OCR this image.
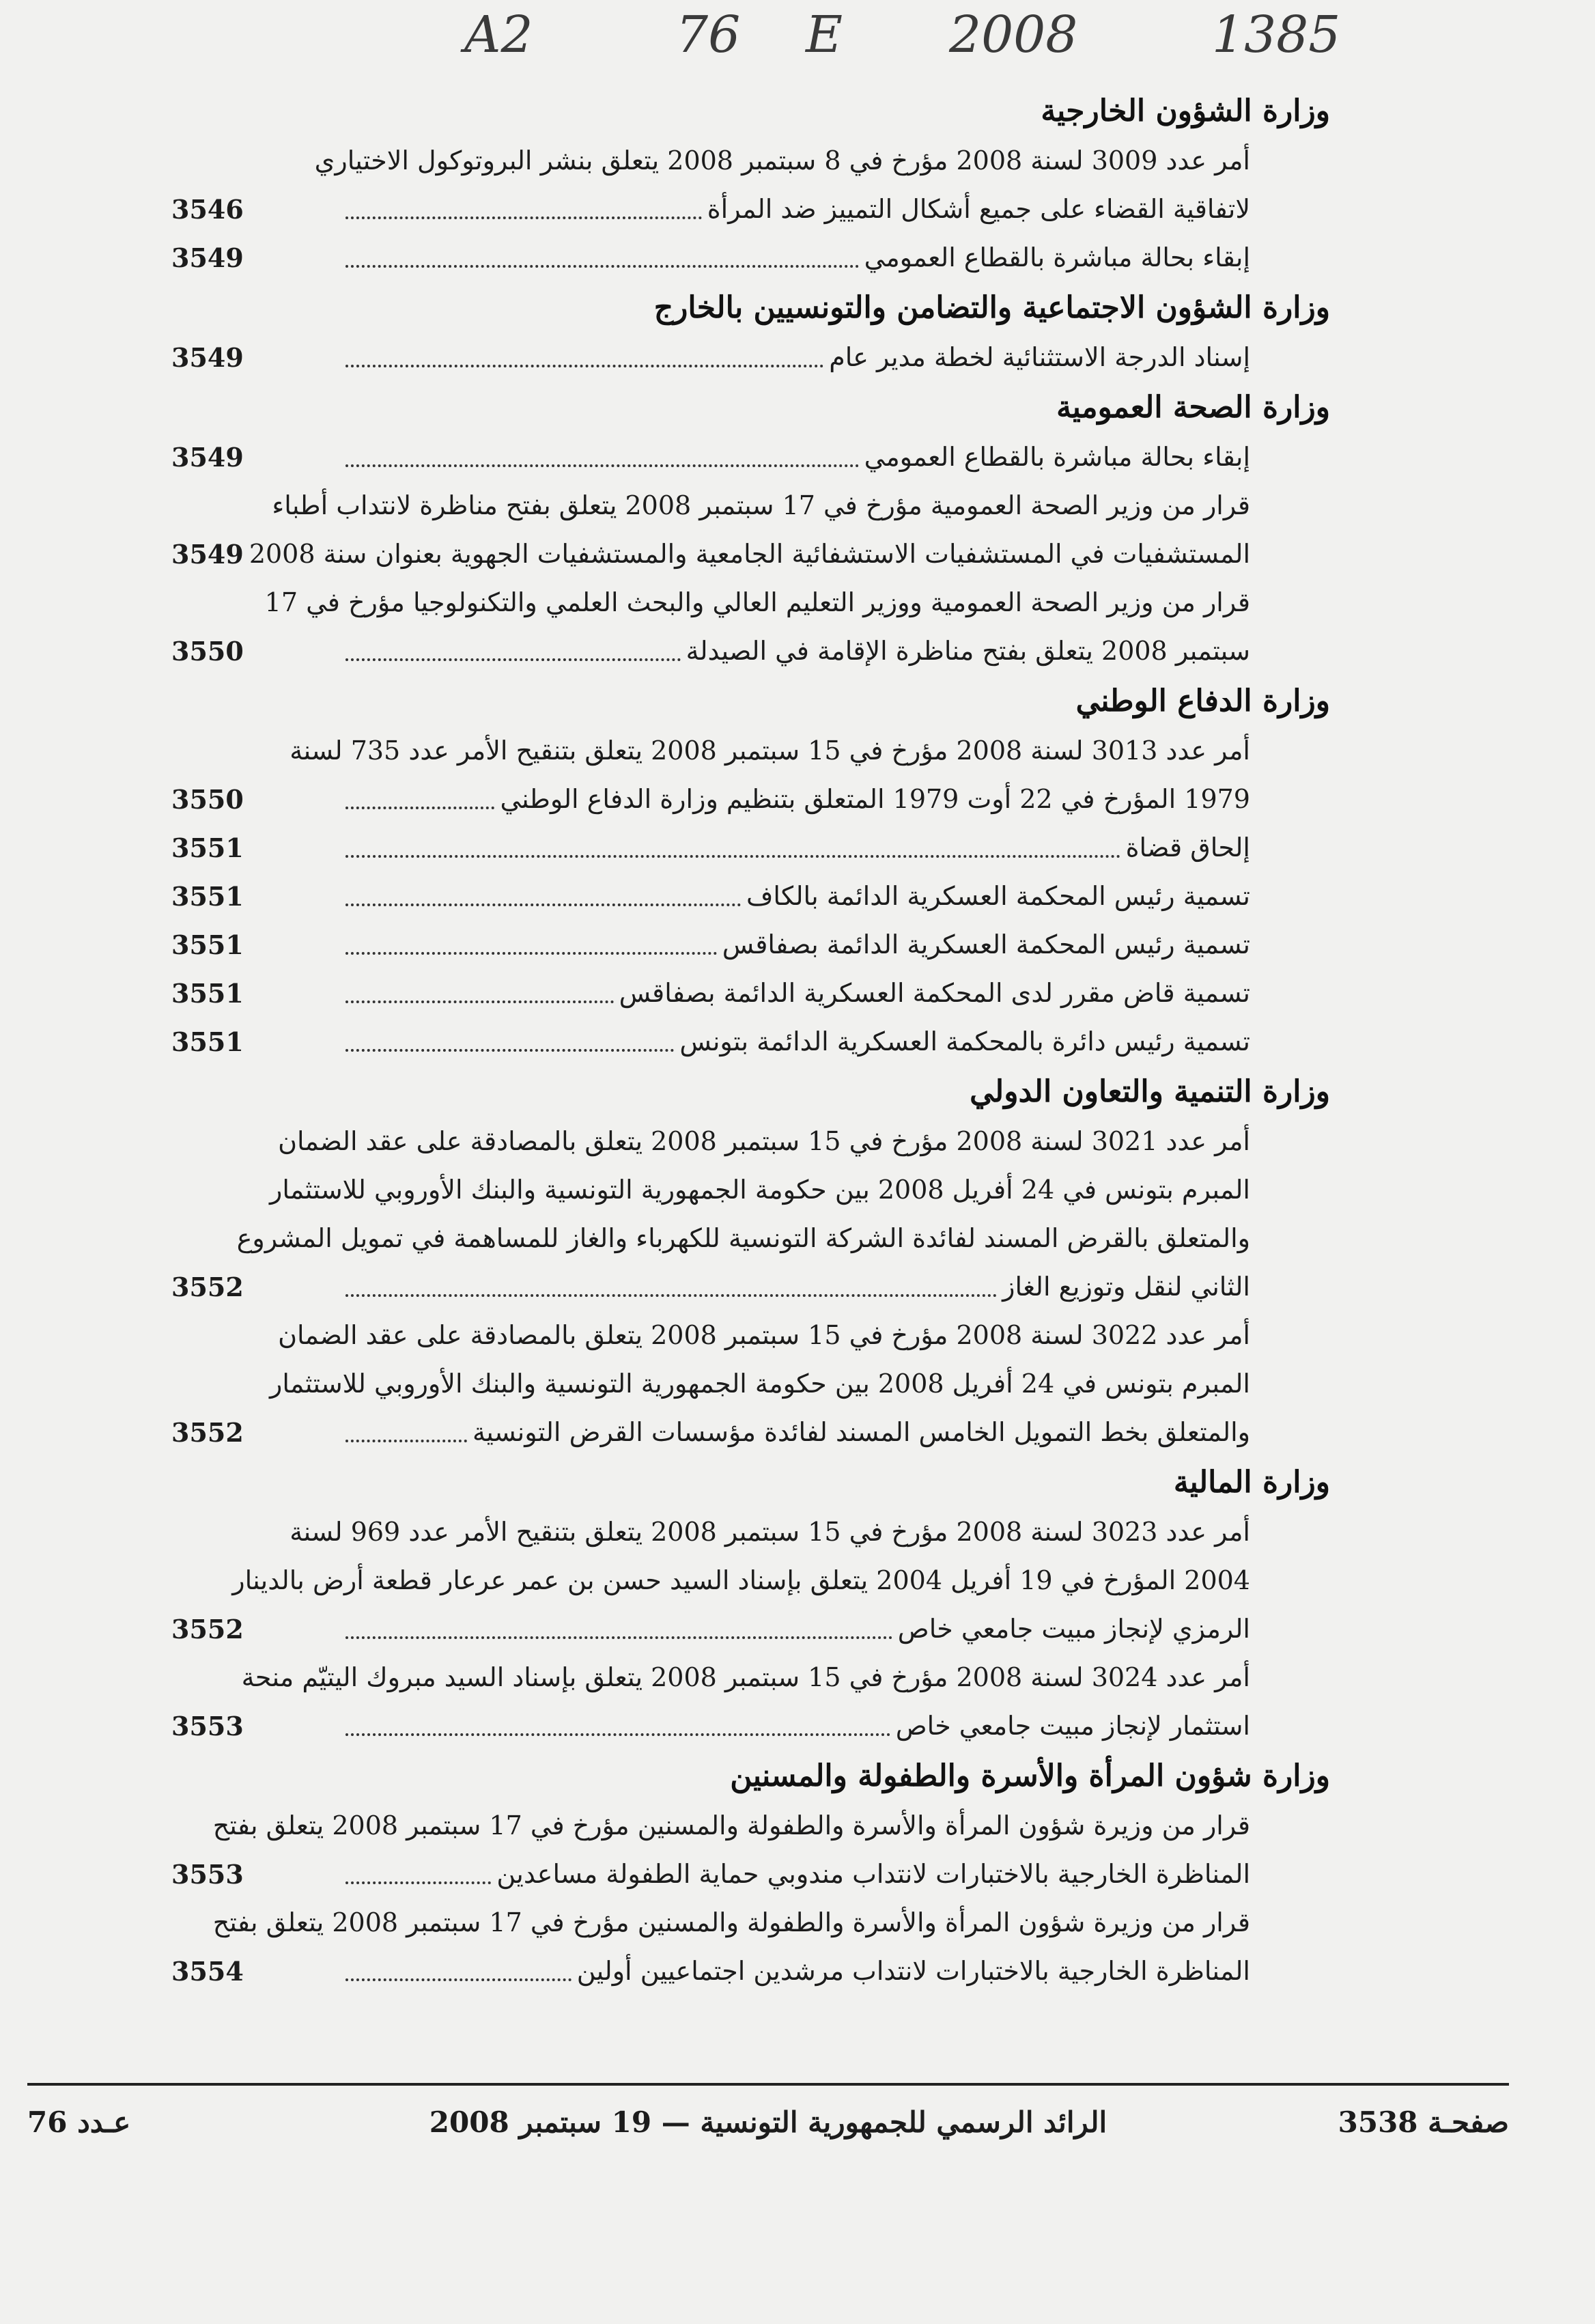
A2	76 E 2008	1385
وزارة الشؤون الخارجية
أمر عدد 3009 لسنة 2008 مؤرخ في 8 سبتمبر 2008 يتعلق بنشر البروتوكول الاختياري
لاتفاقية القضاء على جميع أشكال التمييز ضد المرأة
3546
إبقاء بحالة مباشرة بالقطاع العمومي
3549
وزارة الشؤون الاجتماعية والتضامن والتونسيين بالخارج
إسناد الدرجة الاستثنائية لخطة مدير عام
3549
وزارة الصحة العمومية
إبقاء بحالة مباشرة بالقطاع العمومي
3549
قرار من وزير الصحة العمومية مؤرخ في 17 سبتمبر 2008 يتعلق بفتح مناظرة لانتداب أطباء
المستشفيات في المستشفيات الاستشفائية الجامعية والمستشفيات الجهوية بعنوان سنة 2008
3549
قرار من وزير الصحة العمومية ووزير التعليم العالي والبحث العلمي والتكنولوجيا مؤرخ في 17
سبتمبر 2008 يتعلق بفتح مناظرة الإقامة في الصيدلة
3550
وزارة الدفاع الوطني
أمر عدد 3013 لسنة 2008 مؤرخ في 15 سبتمبر 2008 يتعلق بتنقيح الأمر عدد 735 لسنة
1979 المؤرخ في 22 أوت 1979 المتعلق بتنظيم وزارة الدفاع الوطني
3550
إلحاق قضاة
3551
تسمية رئيس المحكمة العسكرية الدائمة بالكاف
3551
تسمية رئيس المحكمة العسكرية الدائمة بصفاقس
3551
تسمية قاض مقرر لدى المحكمة العسكرية الدائمة بصفاقس
3551
تسمية رئيس دائرة بالمحكمة العسكرية الدائمة بتونس
3551
وزارة التنمية والتعاون الدولي
أمر عدد 3021 لسنة 2008 مؤرخ في 15 سبتمبر 2008 يتعلق بالمصادقة على عقد الضمان
المبرم بتونس في 24 أفريل 2008 بين حكومة الجمهورية التونسية والبنك الأوروبي للاستثمار
والمتعلق بالقرض المسند لفائدة الشركة التونسية للكهرباء والغاز للمساهمة في تمويل المشروع
الثاني لنقل وتوزيع الغاز
3552
أمر عدد 3022 لسنة 2008 مؤرخ في 15 سبتمبر 2008 يتعلق بالمصادقة على عقد الضمان
المبرم بتونس في 24 أفريل 2008 بين حكومة الجمهورية التونسية والبنك الأوروبي للاستثمار
والمتعلق بخط التمويل الخامس المسند لفائدة مؤسسات القرض التونسية
3552
وزارة المالية
أمر عدد 3023 لسنة 2008 مؤرخ في 15 سبتمبر 2008 يتعلق بتنقيح الأمر عدد 969 لسنة
2004 المؤرخ في 19 أفريل 2004 يتعلق بإسناد السيد حسن بن عمر عرعار قطعة أرض بالدينار
الرمزي لإنجاز مبيت جامعي خاص
3552
أمر عدد 3024 لسنة 2008 مؤرخ في 15 سبتمبر 2008 يتعلق بإسناد السيد مبروك اليتيّم منحة
استثمار لإنجاز مبيت جامعي خاص
3553
وزارة شؤون المرأة والأسرة والطفولة والمسنين
قرار من وزيرة شؤون المرأة والأسرة والطفولة والمسنين مؤرخ في 17 سبتمبر 2008 يتعلق بفتح
المناظرة الخارجية بالاختبارات لانتداب مندوبي حماية الطفولة مساعدين
3553
قرار من وزيرة شؤون المرأة والأسرة والطفولة والمسنين مؤرخ في 17 سبتمبر 2008 يتعلق بفتح
المناظرة الخارجية بالاختبارات لانتداب مرشدين اجتماعيين أولين
3554
صفحـة 3538
الرائد الرسمي للجمهورية التونسية — 19 سبتمبر 2008
عـدد 76
